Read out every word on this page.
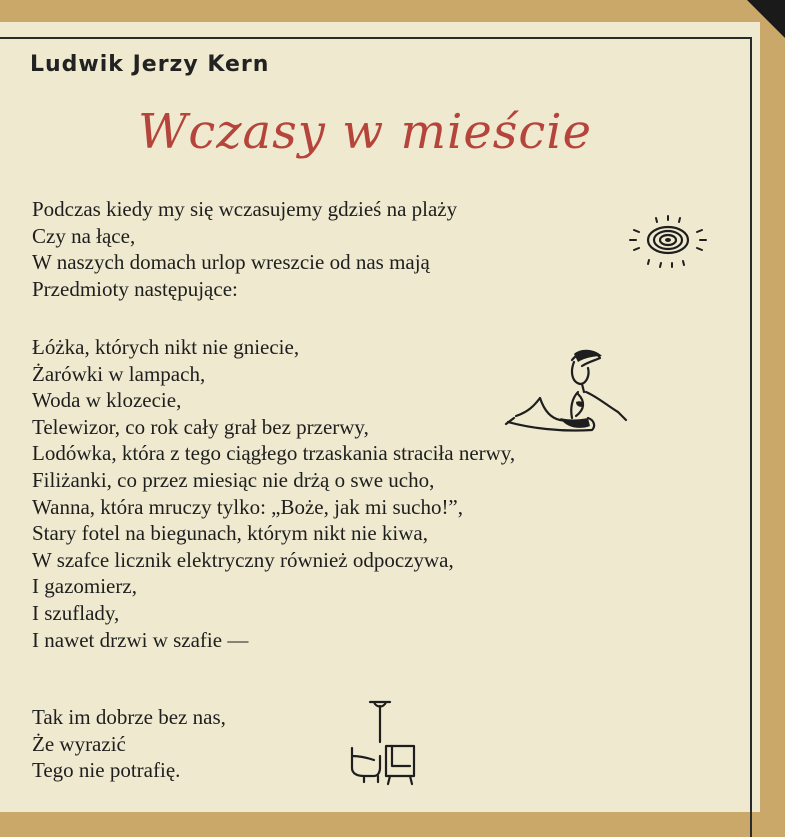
Ludwik Jerzy Kern
Wczasy w mieście
Podczas kiedy my się wczasujemy gdzieś na plaży
Czy na łące,
W naszych domach urlop wreszcie od nas mają
Przedmioty następujące:
Łóżka, których nikt nie gniecie,
Żarówki w lampach,
Woda w klozecie,
Telewizor, co rok cały grał bez przerwy,
Lodówka, która z tego ciągłego trzaskania straciła nerwy,
Filiżanki, co przez miesiąc nie drżą o swe ucho,
Wanna, która mruczy tylko: „Boże, jak mi sucho!”,
Stary fotel na biegunach, którym nikt nie kiwa,
W szafce licznik elektryczny również odpoczywa,
I gazomierz,
I szuflady,
I nawet drzwi w szafie —
Tak im dobrze bez nas,
Że wyrazić
Tego nie potrafię.
